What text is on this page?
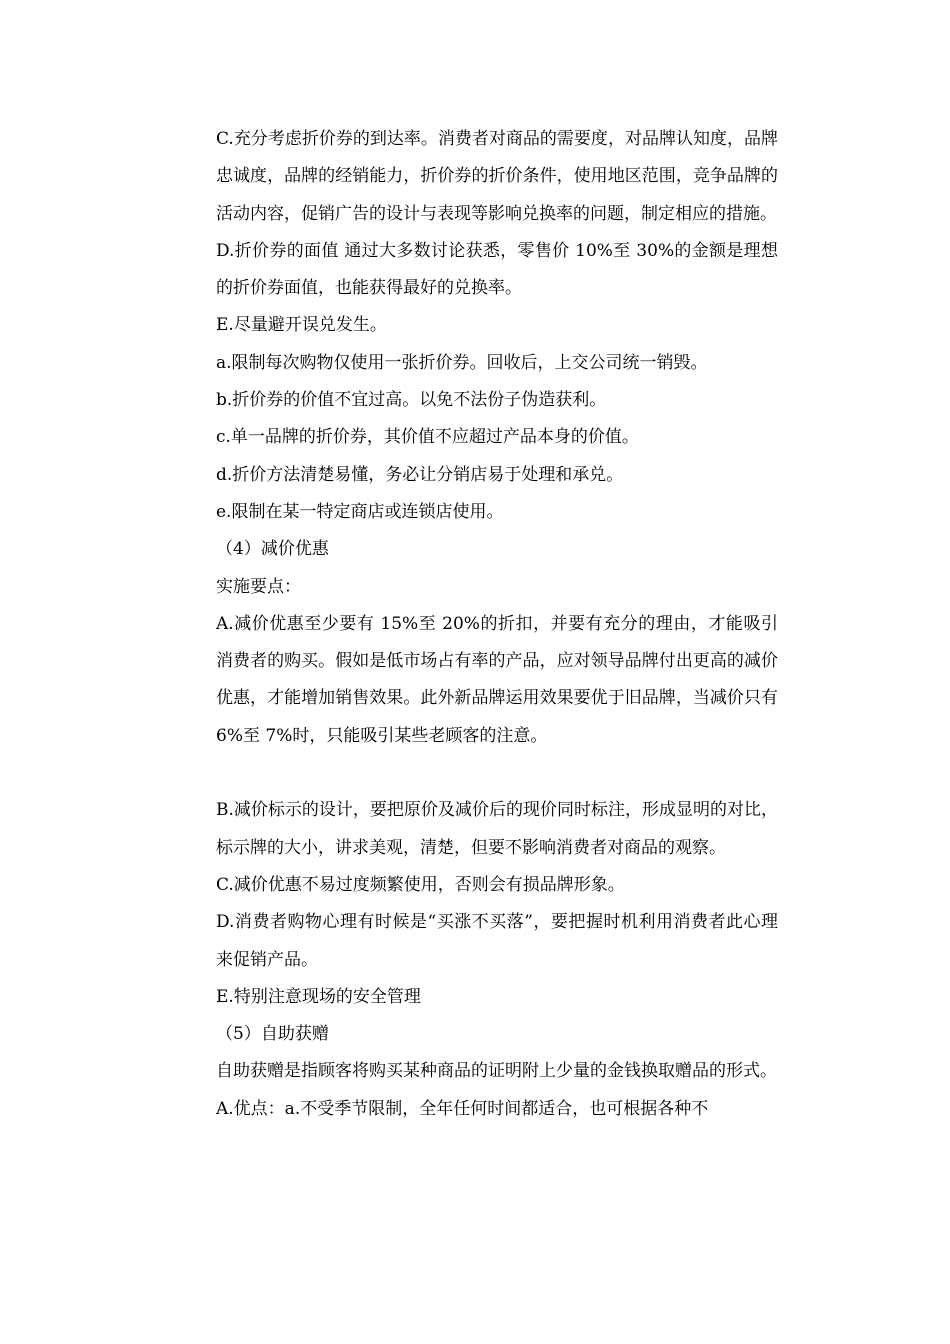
C.充分考虑折价券的到达率。消费者对商品的需要度，对品牌认知度，品牌忠诚度，品牌的经销能力，折价券的折价条件，使用地区范围，竞争品牌的活动内容，促销广告的设计与表现等影响兑换率的问题，制定相应的措施。

D.折价券的面值 通过大多数讨论获悉，零售价 10%至 30%的金额是理想的折价券面值，也能获得最好的兑换率。

E.尽量避开误兑发生。

a.限制每次购物仅使用一张折价券。回收后，上交公司统一销毁。

b.折价券的价值不宜过高。以免不法份子伪造获利。

c.单一品牌的折价券，其价值不应超过产品本身的价值。

d.折价方法清楚易懂，务必让分销店易于处理和承兑。

e.限制在某一特定商店或连锁店使用。

（4）减价优惠

实施要点：

A.减价优惠至少要有 15%至 20%的折扣，并要有充分的理由，才能吸引消费者的购买。假如是低市场占有率的产品，应对领导品牌付出更高的减价优惠，才能增加销售效果。此外新品牌运用效果要优于旧品牌，当减价只有 6%至 7%时，只能吸引某些老顾客的注意。

B.减价标示的设计，要把原价及减价后的现价同时标注，形成显明的对比，标示牌的大小，讲求美观，清楚，但要不影响消费者对商品的观察。

C.减价优惠不易过度频繁使用，否则会有损品牌形象。

D.消费者购物心理有时候是“买涨不买落”，要把握时机利用消费者此心理来促销产品。

E.特别注意现场的安全管理

（5）自助获赠

自助获赠是指顾客将购买某种商品的证明附上少量的金钱换取赠品的形式。

A.优点：a.不受季节限制，全年任何时间都适合，也可根据各种不
